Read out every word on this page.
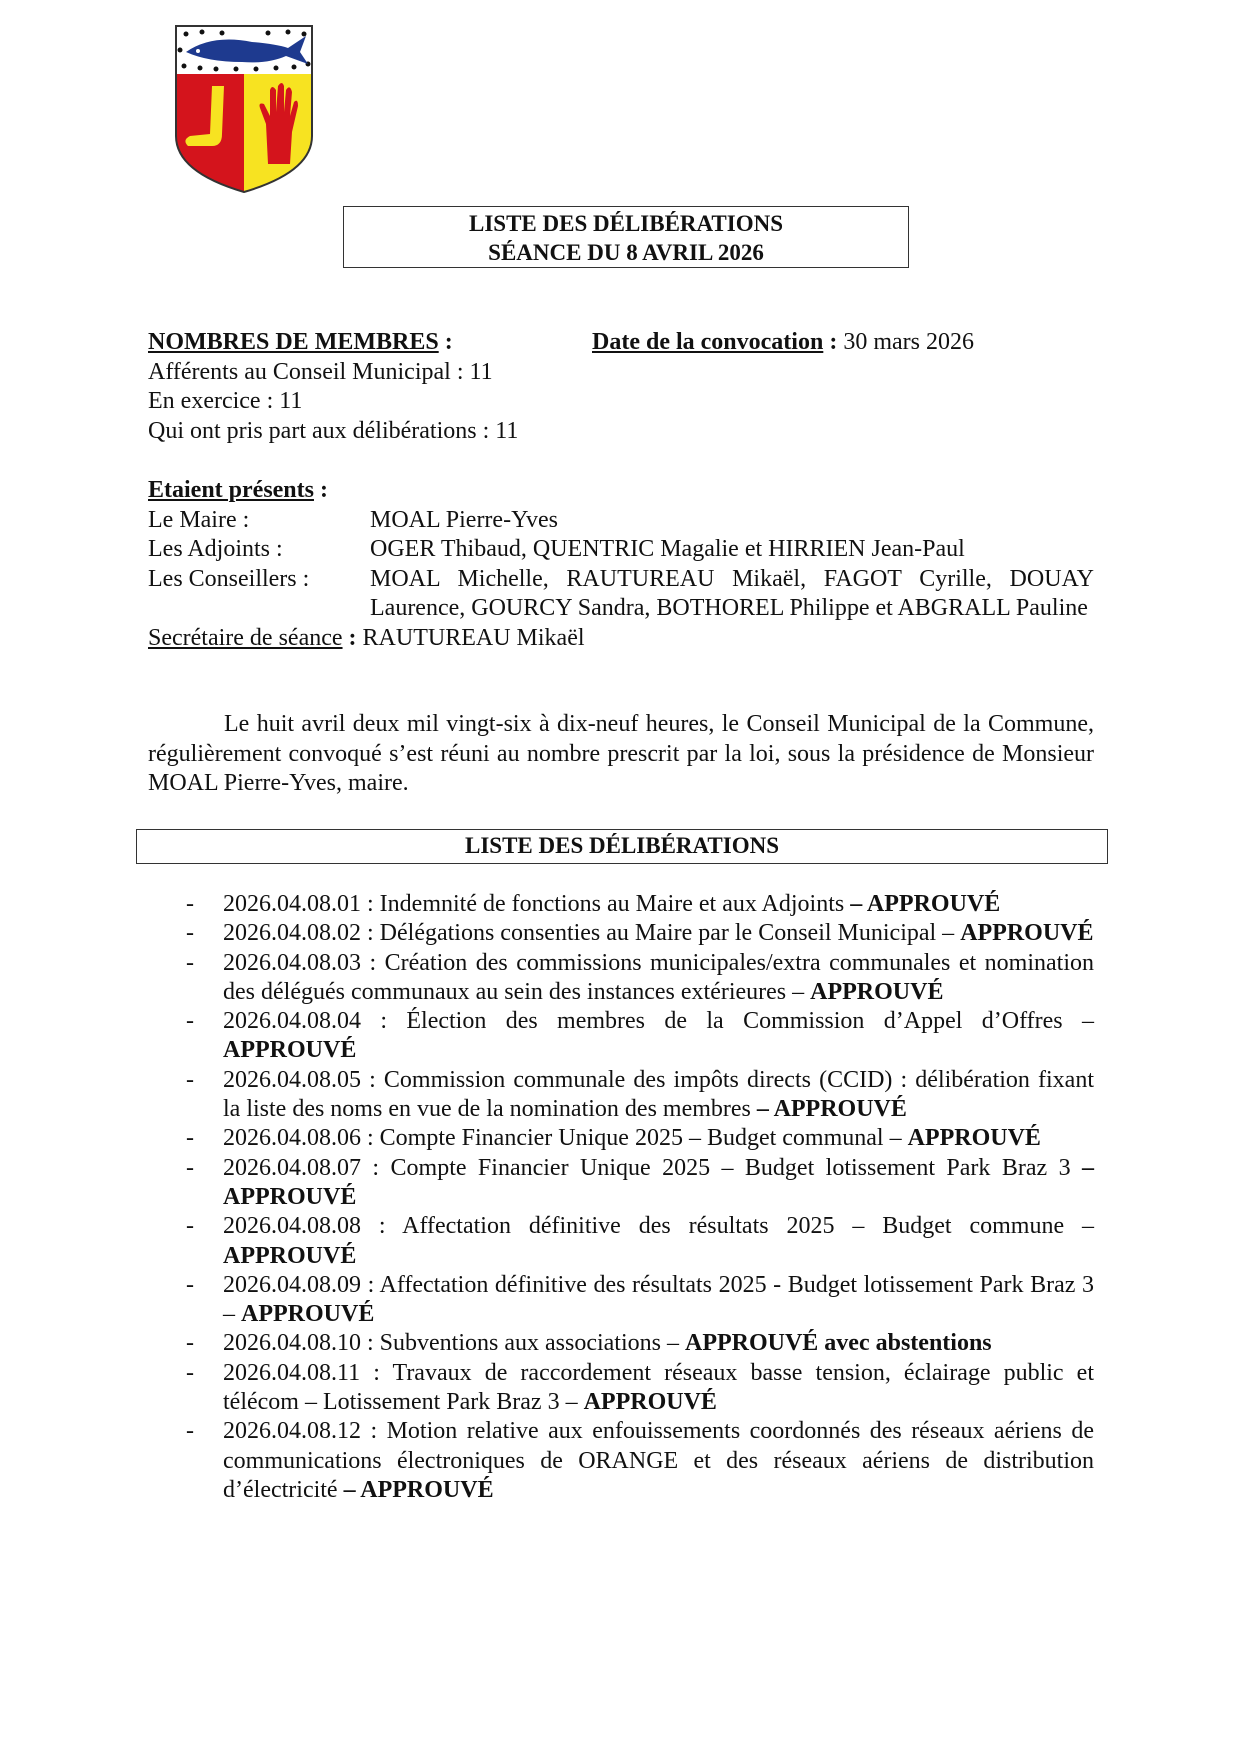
LISTE DES DÉLIBÉRATIONS
SÉANCE DU 8 AVRIL 2026
NOMBRES DE MEMBRES :
Afférents au Conseil Municipal : 11
En exercice : 11
Qui ont pris part aux délibérations : 11
Date de la convocation : 30 mars 2026
Etaient présents :
Le Maire :	MOAL Pierre-Yves
Les Adjoints :	OGER Thibaud, QUENTRIC Magalie et HIRRIEN Jean-Paul
Les Conseillers :	MOAL Michelle, RAUTUREAU Mikaël, FAGOT Cyrille, DOUAY Laurence, GOURCY Sandra, BOTHOREL Philippe et ABGRALL Pauline
Secrétaire de séance : RAUTUREAU Mikaël
Le huit avril deux mil vingt-six à dix-neuf heures, le Conseil Municipal de la Commune, régulièrement convoqué s’est réuni au nombre prescrit par la loi, sous la présidence de Monsieur MOAL Pierre-Yves, maire.
LISTE DES DÉLIBÉRATIONS
-	2026.04.08.01 : Indemnité de fonctions au Maire et aux Adjoints – APPROUVÉ
-	2026.04.08.02 : Délégations consenties au Maire par le Conseil Municipal – APPROUVÉ
-	2026.04.08.03 : Création des commissions municipales/extra communales et nomination des délégués communaux au sein des instances extérieures – APPROUVÉ
-	2026.04.08.04 : Élection des membres de la Commission d’Appel d’Offres – APPROUVÉ
-	2026.04.08.05 : Commission communale des impôts directs (CCID) : délibération fixant la liste des noms en vue de la nomination des membres – APPROUVÉ
-	2026.04.08.06 : Compte Financier Unique 2025 – Budget communal – APPROUVÉ
-	2026.04.08.07 : Compte Financier Unique 2025 – Budget lotissement Park Braz 3 – APPROUVÉ
-	2026.04.08.08 : Affectation définitive des résultats 2025 – Budget commune – APPROUVÉ
-	2026.04.08.09 : Affectation définitive des résultats 2025 - Budget lotissement Park Braz 3 – APPROUVÉ
-	2026.04.08.10 : Subventions aux associations – APPROUVÉ avec abstentions
-	2026.04.08.11 : Travaux de raccordement réseaux basse tension, éclairage public et télécom – Lotissement Park Braz 3 – APPROUVÉ
-	2026.04.08.12 : Motion relative aux enfouissements coordonnés des réseaux aériens de communications électroniques de ORANGE et des réseaux aériens de distribution d’électricité – APPROUVÉ
